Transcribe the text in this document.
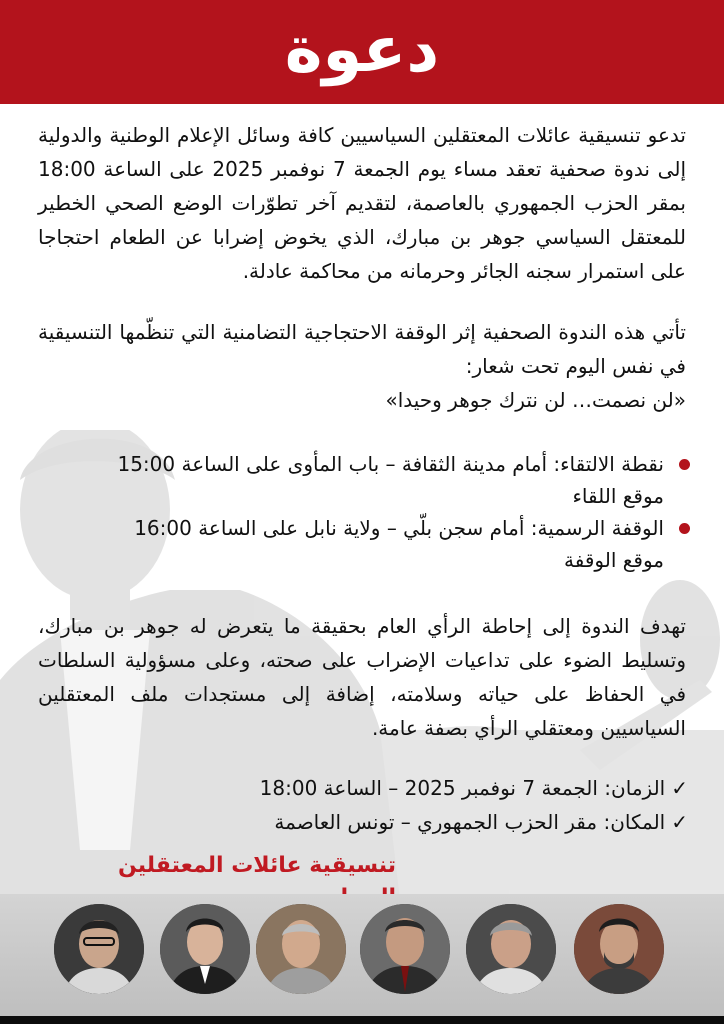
دعوة
تدعو تنسيقية عائلات المعتقلين السياسيين كافة وسائل الإعلام الوطنية والدولية إلى ندوة صحفية تعقد مساء يوم الجمعة 7 نوفمبر 2025 على الساعة 18:00 بمقر الحزب الجمهوري بالعاصمة، لتقديم آخر تطوّرات الوضع الصحي الخطير للمعتقل السياسي جوهر بن مبارك، الذي يخوض إضرابا عن الطعام احتجاجا على استمرار سجنه الجائر وحرمانه من محاكمة عادلة.
تأتي هذه الندوة الصحفية إثر الوقفة الاحتجاجية التضامنية التي تنظّمها التنسيقية في نفس اليوم تحت شعار:
«لن نصمت… لن نترك جوهر وحيدا»
نقطة الالتقاء: أمام مدينة الثقافة – باب المأوى على الساعة 15:00
موقع اللقاء
الوقفة الرسمية: أمام سجن بلّي – ولاية نابل على الساعة 16:00
موقع الوقفة
تهدف الندوة إلى إحاطة الرأي العام بحقيقة ما يتعرض له جوهر بن مبارك، وتسليط الضوء على تداعيات الإضراب على صحته، وعلى مسؤولية السلطات في الحفاظ على حياته وسلامته، إضافة إلى مستجدات ملف المعتقلين السياسيين ومعتقلي الرأي بصفة عامة.
✓الزمان: الجمعة 7 نوفمبر 2025 – الساعة 18:00
✓المكان: مقر الحزب الجمهوري – تونس العاصمة
تنسيقية عائلات المعتقلين
